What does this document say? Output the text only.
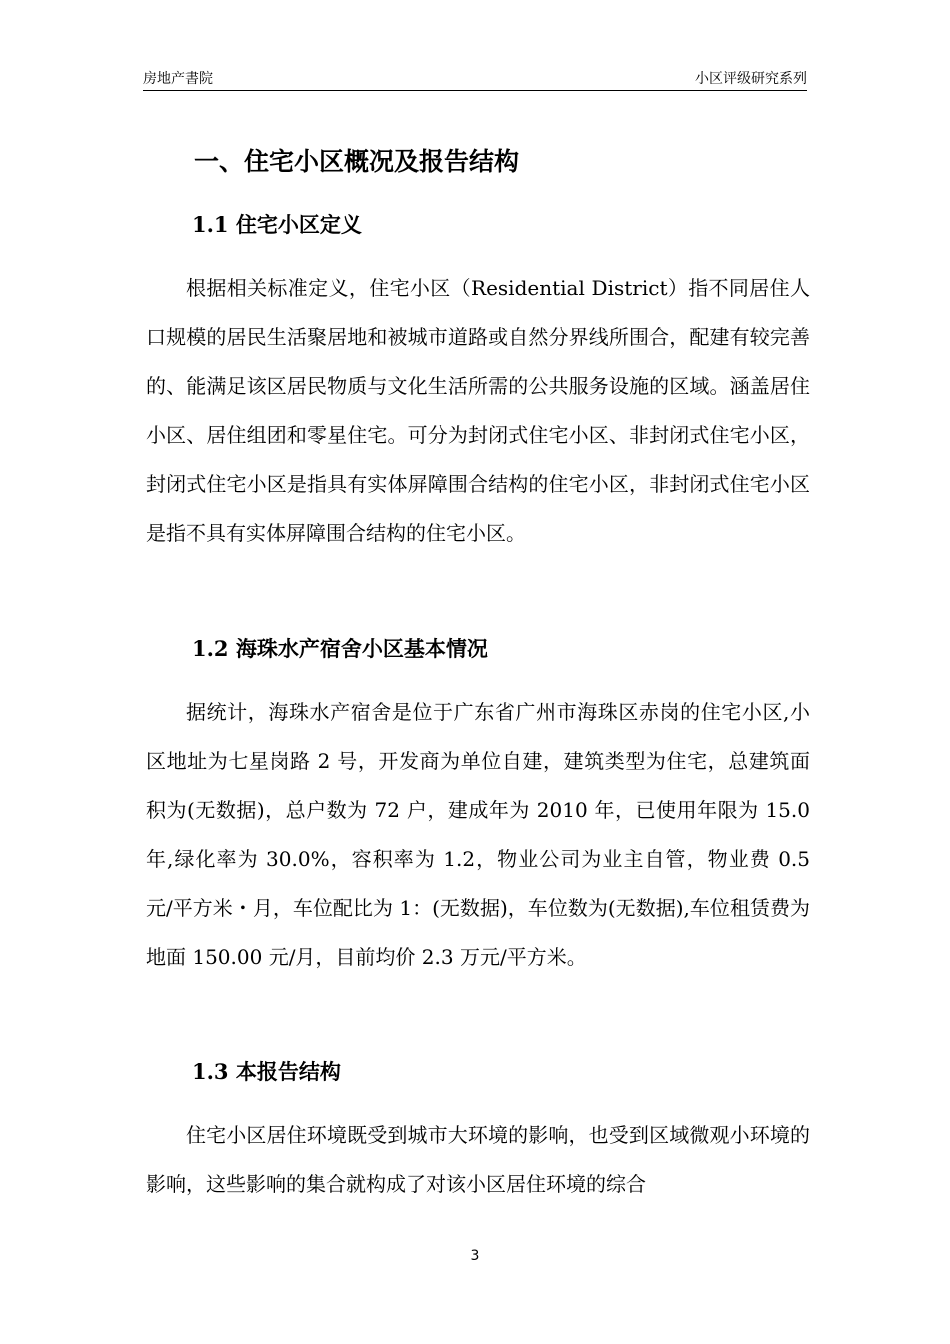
房地产書院	小区评级研究系列
一、住宅小区概况及报告结构
1.1 住宅小区定义

根据相关标准定义，住宅小区（Residential District）指不同居住人口规模的居民生活聚居地和被城市道路或自然分界线所围合，配建有较完善的、能满足该区居民物质与文化生活所需的公共服务设施的区域。涵盖居住小区、居住组团和零星住宅。可分为封闭式住宅小区、非封闭式住宅小区，封闭式住宅小区是指具有实体屏障围合结构的住宅小区，非封闭式住宅小区是指不具有实体屏障围合结构的住宅小区。

1.2 海珠水产宿舍小区基本情况

据统计，海珠水产宿舍是位于广东省广州市海珠区赤岗的住宅小区,小区地址为七星岗路 2 号，开发商为单位自建，建筑类型为住宅，总建筑面积为(无数据)，总户数为 72 户，建成年为 2010 年，已使用年限为 15.0 年,绿化率为 30.0%，容积率为 1.2，物业公司为业主自管，物业费 0.5 元/平方米・月，车位配比为 1：(无数据)，车位数为(无数据),车位租赁费为地面 150.00 元/月，目前均价 2.3 万元/平方米。

1.3 本报告结构

住宅小区居住环境既受到城市大环境的影响，也受到区域微观小环境的影响，这些影响的集合就构成了对该小区居住环境的综合

3
